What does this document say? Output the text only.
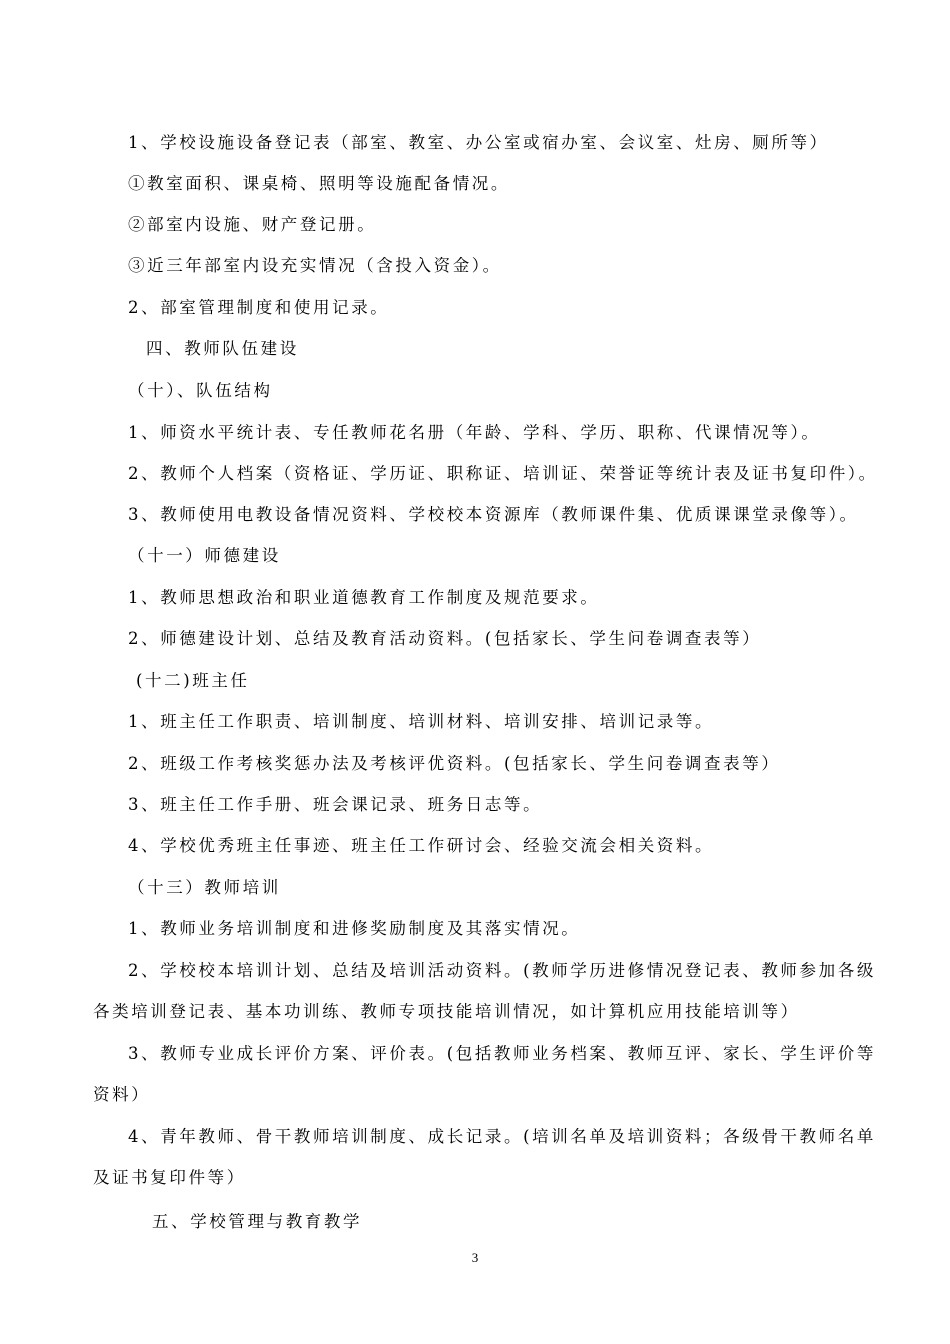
1、学校设施设备登记表（部室、教室、办公室或宿办室、会议室、灶房、厕所等）
①教室面积、课桌椅、照明等设施配备情况。
②部室内设施、财产登记册。
③近三年部室内设充实情况（含投入资金）。
2、部室管理制度和使用记录。
四、教师队伍建设
（十）、队伍结构
1、师资水平统计表、专任教师花名册（年龄、学科、学历、职称、代课情况等）。
2、教师个人档案（资格证、学历证、职称证、培训证、荣誉证等统计表及证书复印件）。
3、教师使用电教设备情况资料、学校校本资源库（教师课件集、优质课课堂录像等）。
（十一）师德建设
1、教师思想政治和职业道德教育工作制度及规范要求。
2、师德建设计划、总结及教育活动资料。(包括家长、学生问卷调查表等）
(十二)班主任
1、班主任工作职责、培训制度、培训材料、培训安排、培训记录等。
2、班级工作考核奖惩办法及考核评优资料。(包括家长、学生问卷调查表等）
3、班主任工作手册、班会课记录、班务日志等。
4、学校优秀班主任事迹、班主任工作研讨会、经验交流会相关资料。
（十三）教师培训
1、教师业务培训制度和进修奖励制度及其落实情况。
2、学校校本培训计划、总结及培训活动资料。(教师学历进修情况登记表、教师参加各级
各类培训登记表、基本功训练、教师专项技能培训情况，如计算机应用技能培训等）
3、教师专业成长评价方案、评价表。(包括教师业务档案、教师互评、家长、学生评价等
资料）
4、青年教师、骨干教师培训制度、成长记录。(培训名单及培训资料；各级骨干教师名单
及证书复印件等）
五、学校管理与教育教学
3
